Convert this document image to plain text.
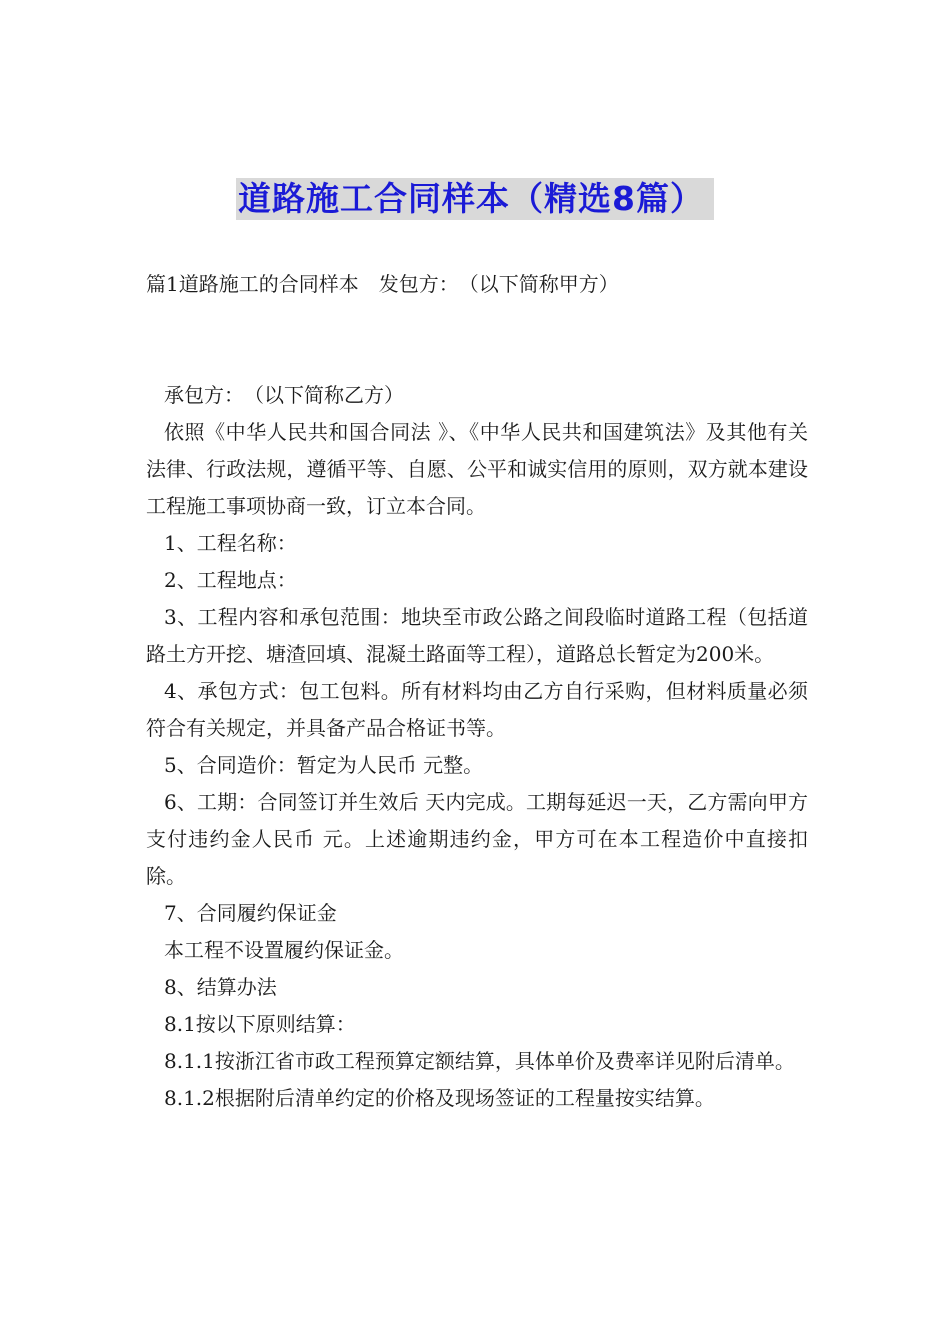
道路施工合同样本（精选8篇）

篇1道路施工的合同样本　发包方：　（以下简称甲方）

承包方：　（以下简称乙方）

依照《中华人民共和国合同法 》、《中华人民共和国建筑法》及其他有关法律、行政法规，遵循平等、自愿、公平和诚实信用的原则，双方就本建设工程施工事项协商一致，订立本合同。

1、工程名称：

2、工程地点：

3、工程内容和承包范围：地块至市政公路之间段临时道路工程（包括道路土方开挖、塘渣回填、混凝土路面等工程），道路总长暂定为200米。

4、承包方式：包工包料。所有材料均由乙方自行采购，但材料质量必须符合有关规定，并具备产品合格证书等。

5、合同造价：暂定为人民币 元整。

6、工期：合同签订并生效后 天内完成。工期每延迟一天，乙方需向甲方支付违约金人民币 元。上述逾期违约金，甲方可在本工程造价中直接扣除。

7、合同履约保证金

本工程不设置履约保证金。

8、结算办法

8.1按以下原则结算：

8.1.1按浙江省市政工程预算定额结算，具体单价及费率详见附后清单。

8.1.2根据附后清单约定的价格及现场签证的工程量按实结算。
